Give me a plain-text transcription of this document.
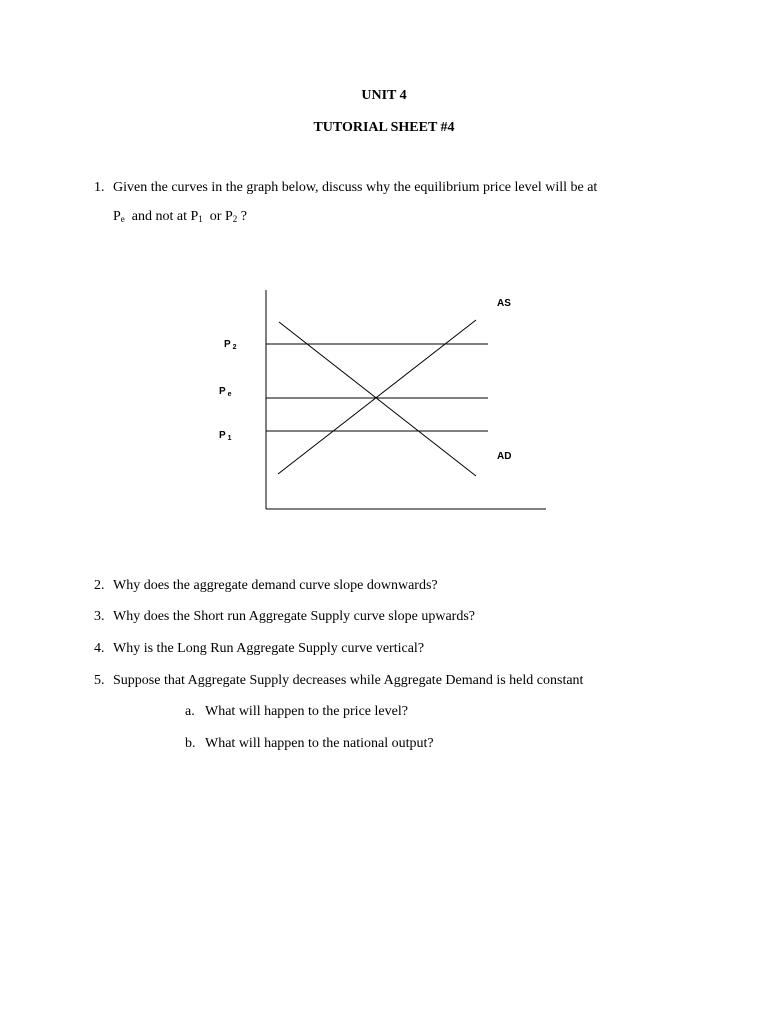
UNIT 4
TUTORIAL SHEET #4
1. Given the curves in the graph below, discuss why the equilibrium price level will be at
$P_e$ and not at $P_1$ or $P_2$ ?
AS
AD
P 2
P e
P 1
2. Why does the aggregate demand curve slope downwards?
3. Why does the Short run Aggregate Supply curve slope upwards?
4. Why is the Long Run Aggregate Supply curve vertical?
5. Suppose that Aggregate Supply decreases while Aggregate Demand is held constant
a. What will happen to the price level?
b. What will happen to the national output?
